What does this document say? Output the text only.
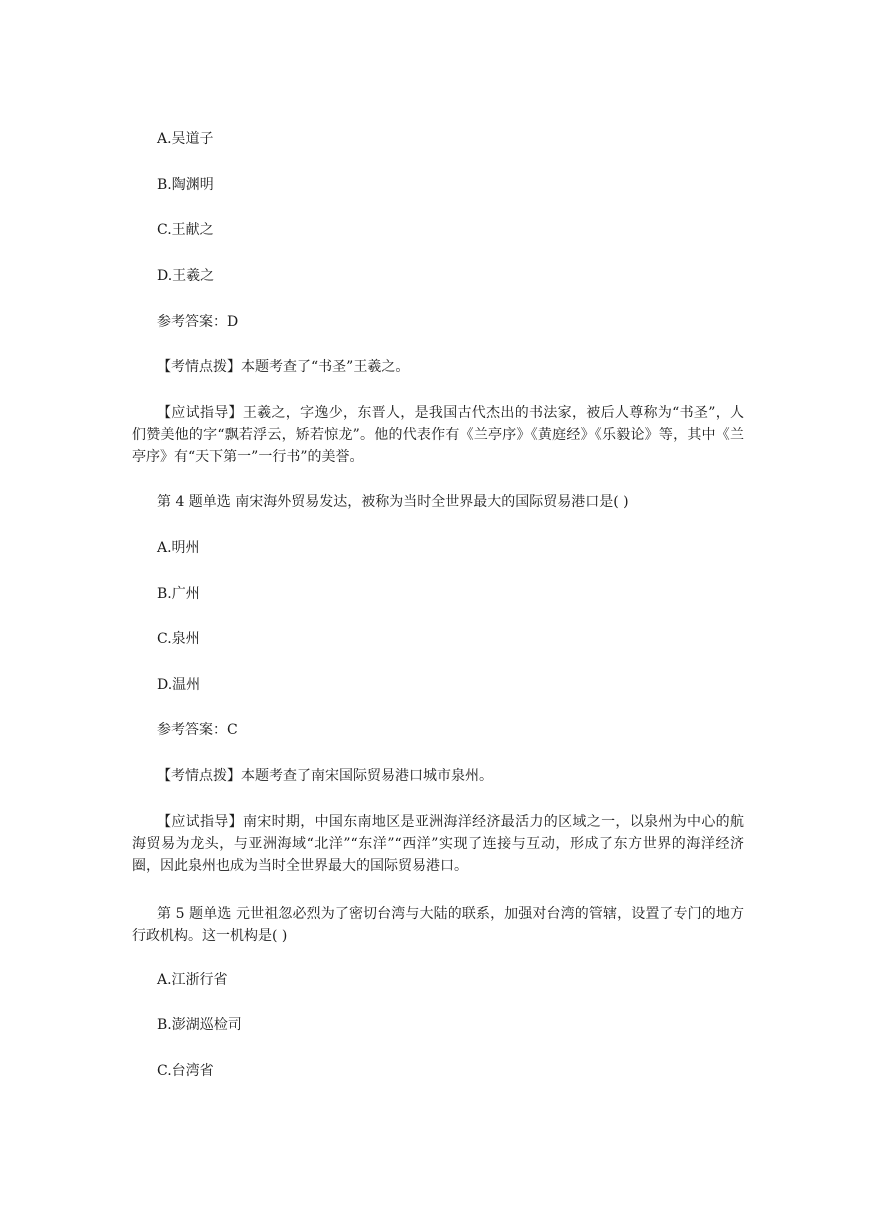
A.吴道子

B.陶渊明

C.王献之

D.王羲之

参考答案：D

【考情点拨】本题考查了“书圣”王羲之。

【应试指导】王羲之，字逸少，东晋人，是我国古代杰出的书法家，被后人尊称为“书圣”，人们赞美他的字“飘若浮云，矫若惊龙”。他的代表作有《兰亭序》《黄庭经》《乐毅论》等，其中《兰亭序》有“天下第一”一行书”的美誉。

第 4 题单选 南宋海外贸易发达，被称为当时全世界最大的国际贸易港口是( )

A.明州

B.广州

C.泉州

D.温州

参考答案：C

【考情点拨】本题考查了南宋国际贸易港口城市泉州。

【应试指导】南宋时期，中国东南地区是亚洲海洋经济最活力的区域之一，以泉州为中心的航海贸易为龙头，与亚洲海域“北洋”“东洋”“西洋”实现了连接与互动，形成了东方世界的海洋经济圈，因此泉州也成为当时全世界最大的国际贸易港口。

第 5 题单选 元世祖忽必烈为了密切台湾与大陆的联系，加强对台湾的管辖，设置了专门的地方行政机构。这一机构是( )

A.江浙行省

B.澎湖巡检司

C.台湾省
